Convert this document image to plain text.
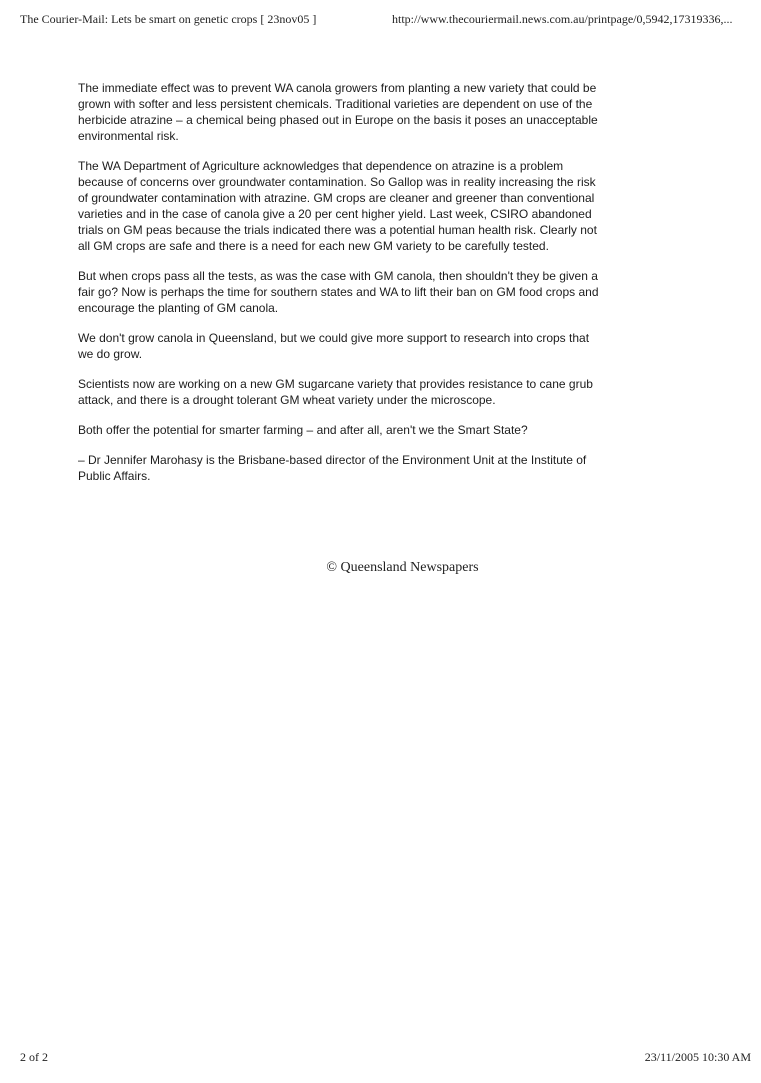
The Courier-Mail: Lets be smart on genetic crops [ 23nov05 ]	http://www.thecouriermail.news.com.au/printpage/0,5942,17319336,...

The immediate effect was to prevent WA canola growers from planting a new variety that could be grown with softer and less persistent chemicals. Traditional varieties are dependent on use of the herbicide atrazine – a chemical being phased out in Europe on the basis it poses an unacceptable environmental risk.

The WA Department of Agriculture acknowledges that dependence on atrazine is a problem because of concerns over groundwater contamination. So Gallop was in reality increasing the risk of groundwater contamination with atrazine. GM crops are cleaner and greener than conventional varieties and in the case of canola give a 20 per cent higher yield. Last week, CSIRO abandoned trials on GM peas because the trials indicated there was a potential human health risk. Clearly not all GM crops are safe and there is a need for each new GM variety to be carefully tested.

But when crops pass all the tests, as was the case with GM canola, then shouldn't they be given a fair go? Now is perhaps the time for southern states and WA to lift their ban on GM food crops and encourage the planting of GM canola.

We don't grow canola in Queensland, but we could give more support to research into crops that we do grow.

Scientists now are working on a new GM sugarcane variety that provides resistance to cane grub attack, and there is a drought tolerant GM wheat variety under the microscope.

Both offer the potential for smarter farming – and after all, aren't we the Smart State?

– Dr Jennifer Marohasy is the Brisbane-based director of the Environment Unit at the Institute of Public Affairs.

© Queensland Newspapers
2 of 2	23/11/2005 10:30 AM
